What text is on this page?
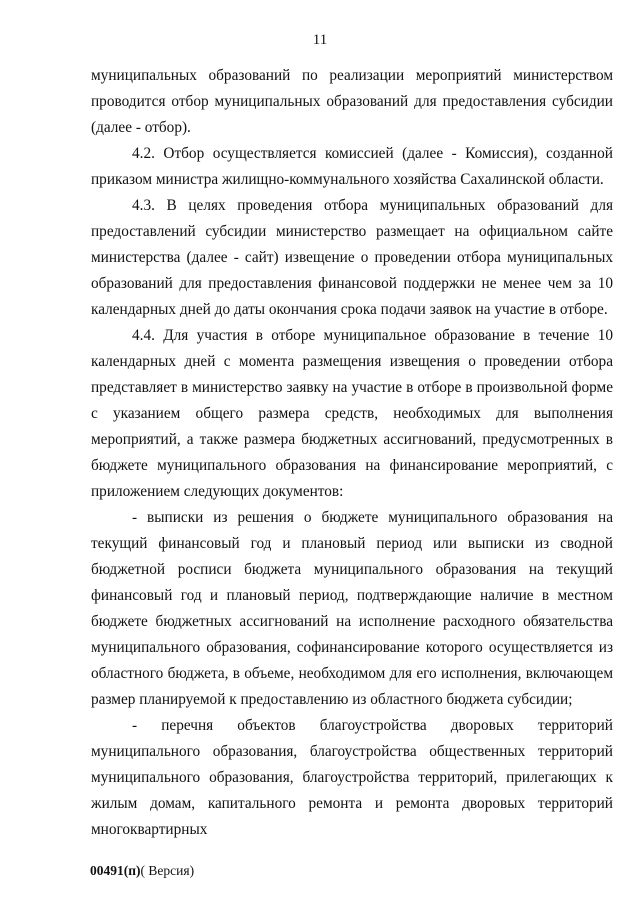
11

муниципальных образований по реализации мероприятий министерством проводится отбор муниципальных образований для предоставления субсидии (далее - отбор).

4.2. Отбор осуществляется комиссией (далее - Комиссия), созданной приказом министра жилищно-коммунального хозяйства Сахалинской области.

4.3. В целях проведения отбора муниципальных образований для предоставлений субсидии министерство размещает на официальном сайте министерства (далее - сайт) извещение о проведении отбора муниципальных образований для предоставления финансовой поддержки не менее чем за 10 календарных дней до даты окончания срока подачи заявок на участие в отборе.

4.4. Для участия в отборе муниципальное образование в течение 10 календарных дней с момента размещения извещения о проведении отбора представляет в министерство заявку на участие в отборе в произвольной форме с указанием общего размера средств, необходимых для выполнения мероприятий, а также размера бюджетных ассигнований, предусмотренных в бюджете муниципального образования на финансирование мероприятий, с приложением следующих документов:

- выписки из решения о бюджете муниципального образования на текущий финансовый год и плановый период или выписки из сводной бюджетной росписи бюджета муниципального образования на текущий финансовый год и плановый период, подтверждающие наличие в местном бюджете бюджетных ассигнований на исполнение расходного обязательства муниципального образования, софинансирование которого осуществляется из областного бюджета, в объеме, необходимом для его исполнения, включающем размер планируемой к предоставлению из областного бюджета субсидии;

- перечня объектов благоустройства дворовых территорий муниципального образования, благоустройства общественных территорий муниципального образования, благоустройства территорий, прилегающих к жилым домам, капитального ремонта и ремонта дворовых территорий многоквартирных

00491(п)( Версия)
